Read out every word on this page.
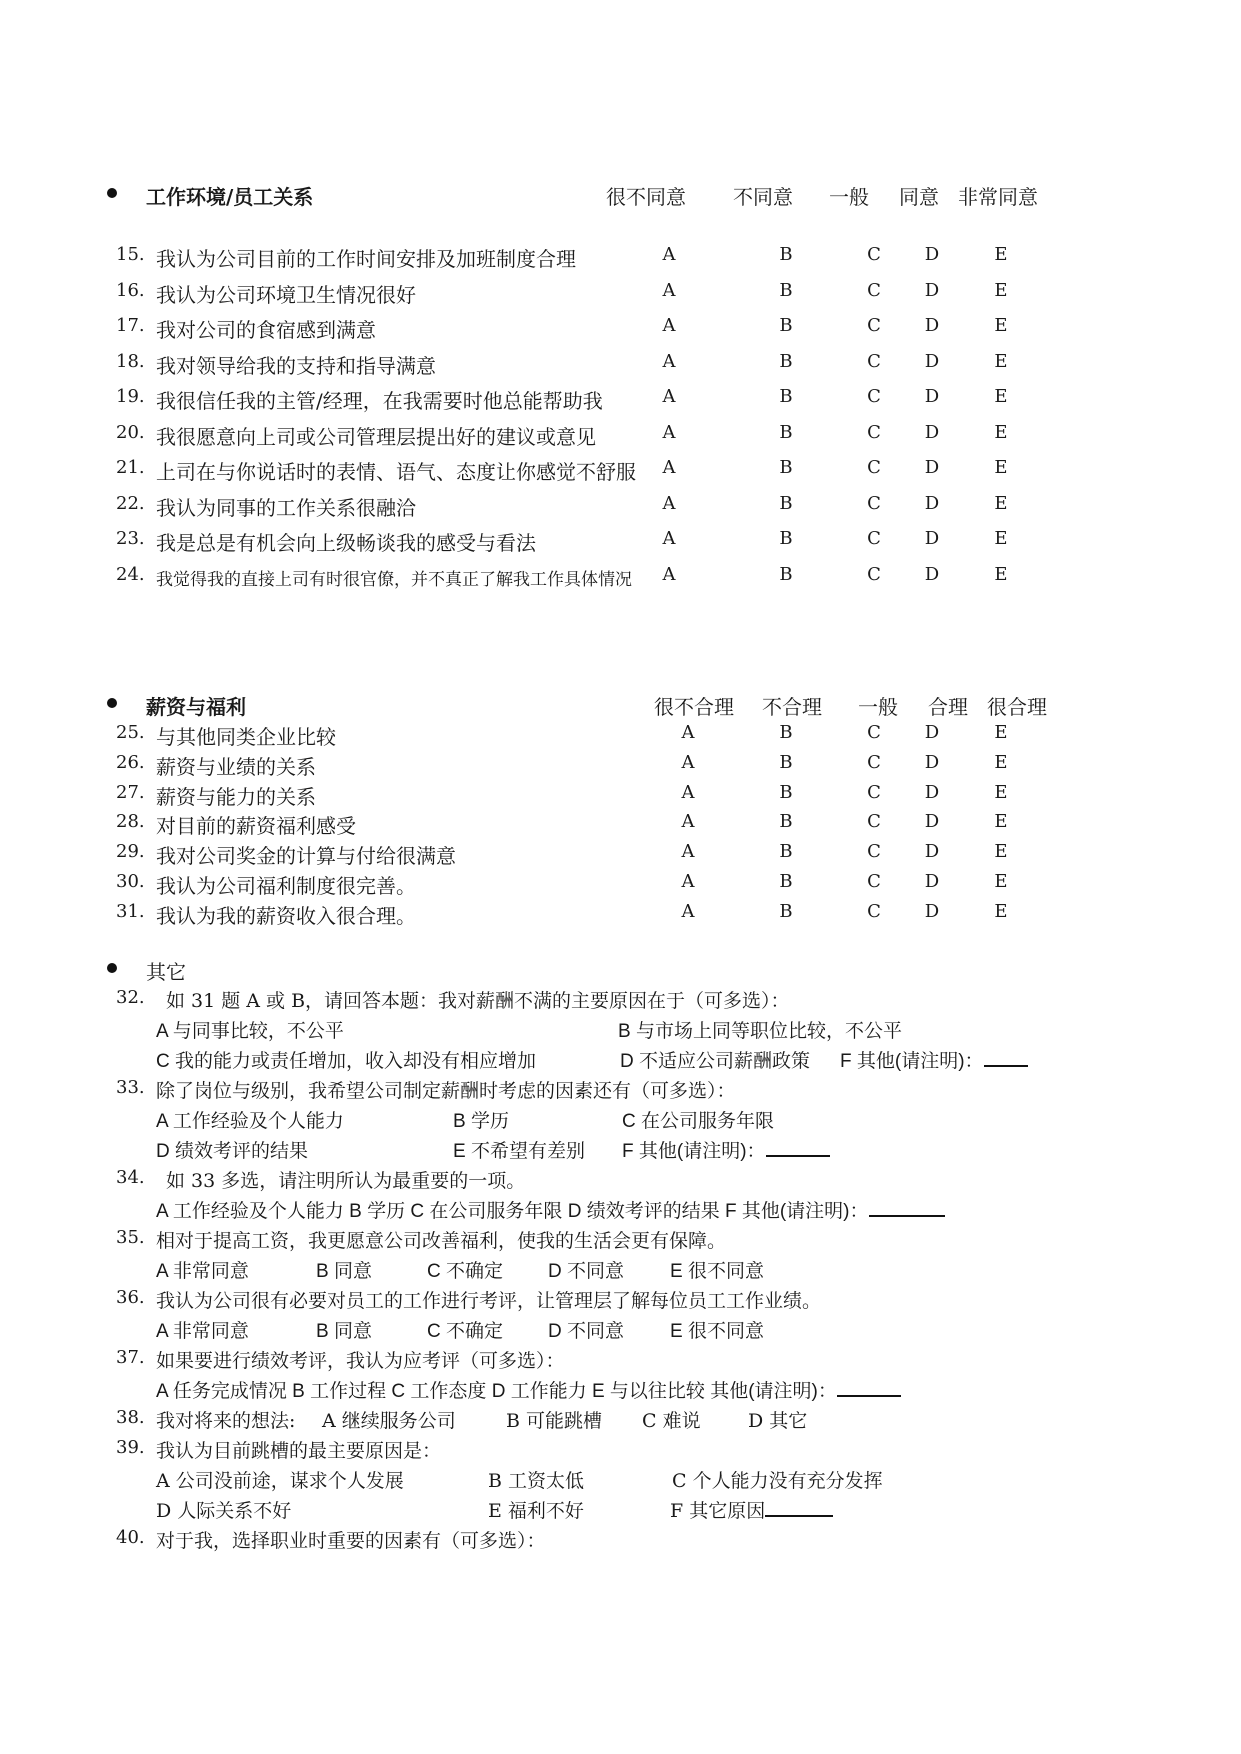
工作环境/员工关系	很不同意 不同意 一般 同意 非常同意
15. 我认为公司目前的工作时间安排及加班制度合理	A	B	C	D	E
16. 我认为公司环境卫生情况很好	A	B	C	D	E
17. 我对公司的食宿感到满意	A	B	C	D	E
18. 我对领导给我的支持和指导满意	A	B	C	D	E
19. 我很信任我的主管/经理，在我需要时他总能帮助我	A	B	C	D	E
20. 我很愿意向上司或公司管理层提出好的建议或意见	A	B	C	D	E
21. 上司在与你说话时的表情、语气、态度让你感觉不舒服	A	B	C	D	E
22. 我认为同事的工作关系很融洽	A	B	C	D	E
23. 我是总是有机会向上级畅谈我的感受与看法	A	B	C	D	E
24. 我觉得我的直接上司有时很官僚，并不真正了解我工作具体情况	A	B	C	D	E
薪资与福利	很不合理 不合理 一般 合理 很合理
25. 与其他同类企业比较	A	B	C	D	E
26. 薪资与业绩的关系	A	B	C	D	E
27. 薪资与能力的关系	A	B	C	D	E
28. 对目前的薪资福利感受	A	B	C	D	E
29. 我对公司奖金的计算与付给很满意	A	B	C	D	E
30. 我认为公司福利制度很完善。	A	B	C	D	E
31. 我认为我的薪资收入很合理。	A	B	C	D	E
其它
32. 如 31 题 A 或 B，请回答本题：我对薪酬不满的主要原因在于（可多选）：
A 与同事比较，不公平	B 与市场上同等职位比较，不公平
C 我的能力或责任增加，收入却没有相应增加	D 不适应公司薪酬政策 F 其他(请注明)：
33. 除了岗位与级别，我希望公司制定薪酬时考虑的因素还有（可多选）：
A 工作经验及个人能力	B 学历	C 在公司服务年限
D 绩效考评的结果	E 不希望有差别 F 其他(请注明)：
34. 如 33 多选，请注明所认为最重要的一项。
A 工作经验及个人能力 B 学历 C 在公司服务年限 D 绩效考评的结果 F 其他(请注明)：
35. 相对于提高工资，我更愿意公司改善福利，使我的生活会更有保障。
A 非常同意	B 同意	C 不确定 D 不同意 E 很不同意
36. 我认为公司很有必要对员工的工作进行考评，让管理层了解每位员工工作业绩。
A 非常同意	B 同意	C 不确定 D 不同意 E 很不同意
37. 如果要进行绩效考评，我认为应考评（可多选）：
A 任务完成情况 B 工作过程 C 工作态度 D 工作能力 E 与以往比较 其他(请注明)：
38. 我对将来的想法: A 继续服务公司	B 可能跳槽 C 难说 D 其它
39. 我认为目前跳槽的最主要原因是：
A 公司没前途，谋求个人发展	B 工资太低	C 个人能力没有充分发挥
D 人际关系不好	E 福利不好	F 其它原因
40. 对于我，选择职业时重要的因素有（可多选）：
